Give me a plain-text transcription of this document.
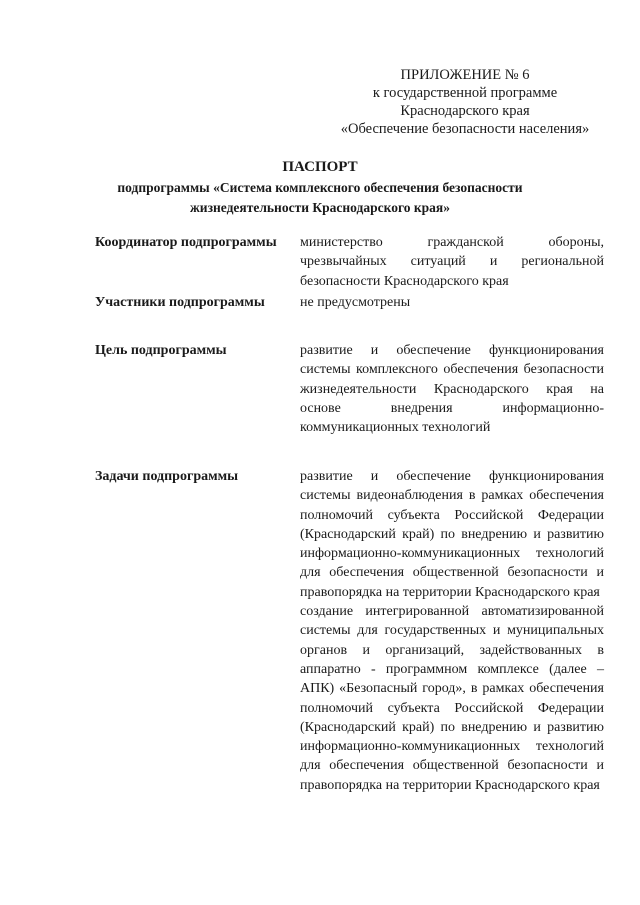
ПРИЛОЖЕНИЕ № 6
к государственной программе
Краснодарского края
«Обеспечение безопасности населения»
ПАСПОРТ
подпрограммы «Система комплексного обеспечения безопасности
жизнедеятельности Краснодарского края»
Координатор подпрограммы	министерство гражданской обороны, чрезвычайных ситуаций и региональной безопасности Краснодарского края

Участники подпрограммы	не предусмотрены

Цель подпрограммы	развитие и обеспечение функционирования системы комплексного обеспечения безопасности жизнедеятельности Краснодарского края на основе внедрения информационно-коммуникационных технологий

Задачи подпрограммы	развитие и обеспечение функционирования системы видеонаблюдения в рамках обеспечения полномочий субъекта Российской Федерации (Краснодарский край) по внедрению и развитию информационно-коммуникационных технологий для обеспечения общественной безопасности и правопорядка на территории Краснодарского края

создание интегрированной автоматизированной системы для государственных и муниципальных органов и организаций, задействованных в аппаратно - программном комплексе (далее – АПК) «Безопасный город», в рамках обеспечения полномочий субъекта Российской Федерации (Краснодарский край) по внедрению и развитию информационно-коммуникационных технологий для обеспечения общественной безопасности и правопорядка на территории Краснодарского края
